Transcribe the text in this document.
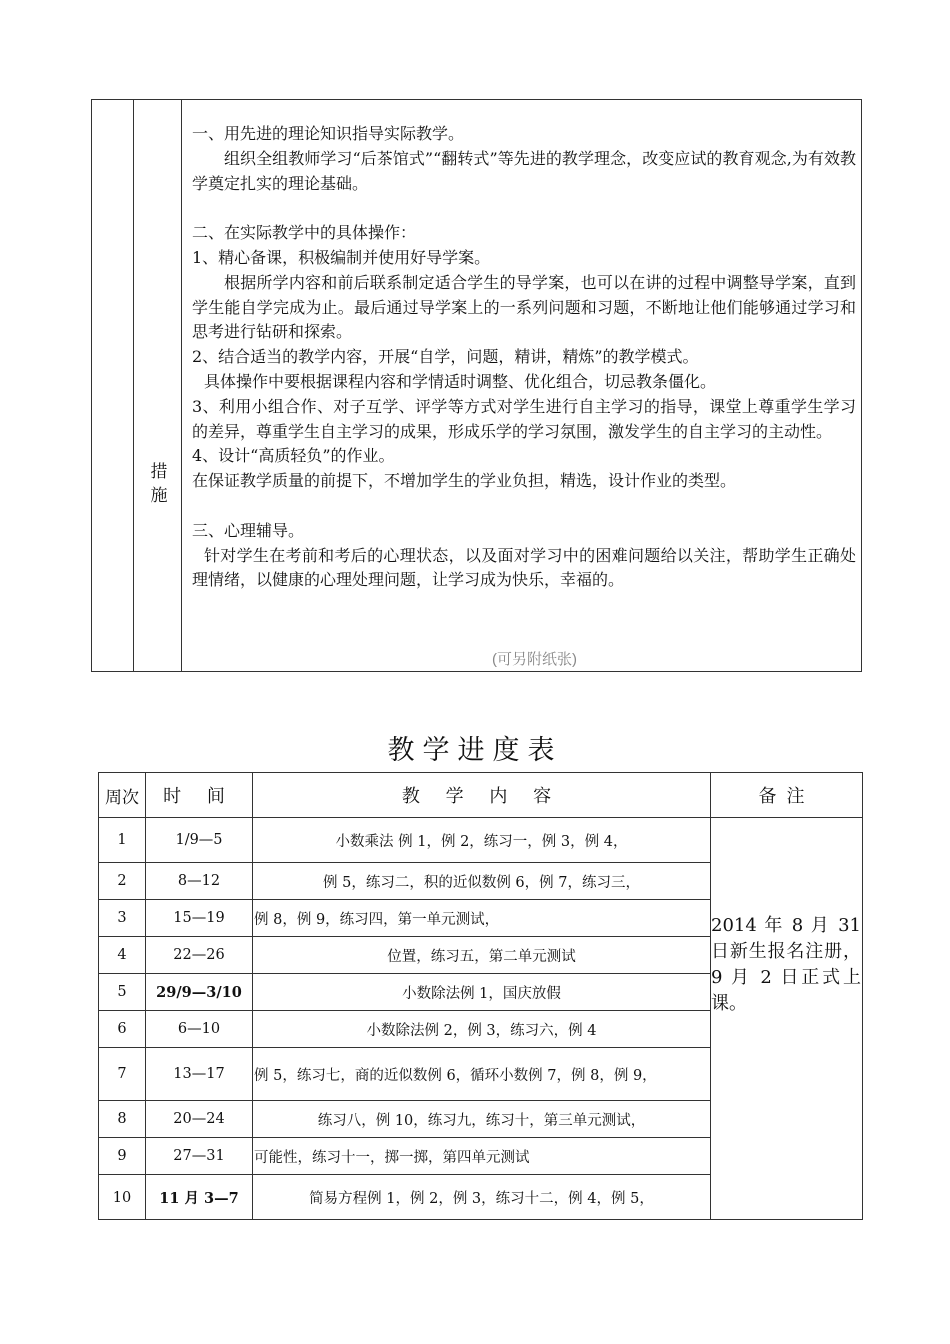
措施

一、用先进的理论知识指导实际教学。

组织全组教师学习“后茶馆式”“翻转式”等先进的教学理念，改变应试的教育观念,为有效教学奠定扎实的理论基础。

二、在实际教学中的具体操作：

1、精心备课，积极编制并使用好导学案。

根据所学内容和前后联系制定适合学生的导学案，也可以在讲的过程中调整导学案，直到学生能自学完成为止。最后通过导学案上的一系列问题和习题，不断地让他们能够通过学习和思考进行钻研和探索。

2、结合适当的教学内容，开展“自学，问题，精讲，精炼”的教学模式。

具体操作中要根据课程内容和学情适时调整、优化组合，切忌教条僵化。

3、利用小组合作、对子互学、评学等方式对学生进行自主学习的指导，课堂上尊重学生学习的差异，尊重学生自主学习的成果，形成乐学的学习氛围，激发学生的自主学习的主动性。

4、设计“高质轻负”的作业。

在保证教学质量的前提下，不增加学生的学业负担，精选，设计作业的类型。

三、心理辅导。

针对学生在考前和考后的心理状态，以及面对学习中的困难问题给以关注，帮助学生正确处理情绪，以健康的心理处理问题，让学习成为快乐，幸福的。

(可另附纸张)
教学进度表
周次	时 间	教 学 内 容	备注
1	1/9—5	小数乘法 例 1，例 2，练习一，例 3，例 4，
2	8—12	例 5，练习二，积的近似数例 6，例 7，练习三，
3	15—19	例 8，例 9，练习四，第一单元测试，
4	22—26	位置，练习五，第二单元测试
5	29/9—3/10	小数除法例 1，国庆放假
6	6—10	小数除法例 2，例 3，练习六，例 4
7	13—17	例 5，练习七，商的近似数例 6，循环小数例 7，例 8，例 9，
8	20—24	练习八，例 10，练习九，练习十，第三单元测试，
9	27—31	可能性，练习十一，掷一掷，第四单元测试
10	11 月 3—7	简易方程例 1，例 2，例 3，练习十二，例 4，例 5，
2014 年 8 月 31 日新生报名注册，9 月 2 日正式上课。
